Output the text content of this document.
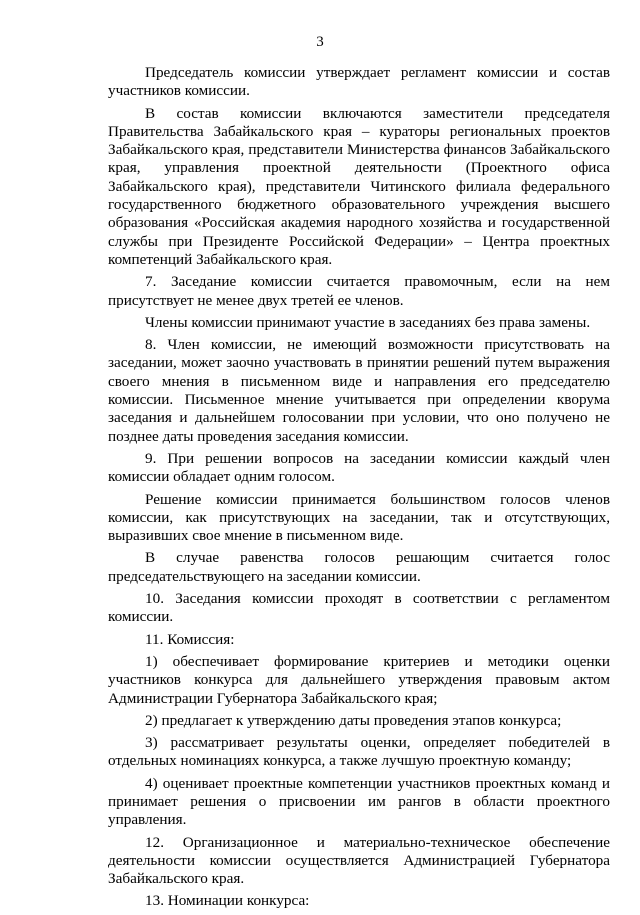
3

Председатель комиссии утверждает регламент комиссии и состав участников комиссии.

В состав комиссии включаются заместители председателя Правительства Забайкальского края – кураторы региональных проектов Забайкальского края, представители Министерства финансов Забайкальского края, управления проектной деятельности (Проектного офиса Забайкальского края), представители Читинского филиала федерального государственного бюджетного образовательного учреждения высшего образования «Российская академия народного хозяйства и государственной службы при Президенте Российской Федерации» – Центра проектных компетенций Забайкальского края.

7. Заседание комиссии считается правомочным, если на нем присутствует не менее двух третей ее членов.

Члены комиссии принимают участие в заседаниях без права замены.

8. Член комиссии, не имеющий возможности присутствовать на заседании, может заочно участвовать в принятии решений путем выражения своего мнения в письменном виде и направления его председателю комиссии. Письменное мнение учитывается при определении кворума заседания и дальнейшем голосовании при условии, что оно получено не позднее даты проведения заседания комиссии.

9. При решении вопросов на заседании комиссии каждый член комиссии обладает одним голосом.

Решение комиссии принимается большинством голосов членов комиссии, как присутствующих на заседании, так и отсутствующих, выразивших свое мнение в письменном виде.

В случае равенства голосов решающим считается голос председательствующего на заседании комиссии.

10. Заседания комиссии проходят в соответствии с регламентом комиссии.

11. Комиссия:

1) обеспечивает формирование критериев и методики оценки участников конкурса для дальнейшего утверждения правовым актом Администрации Губернатора Забайкальского края;

2) предлагает к утверждению даты проведения этапов конкурса;

3) рассматривает результаты оценки, определяет победителей в отдельных номинациях конкурса, а также лучшую проектную команду;

4) оценивает проектные компетенции участников проектных команд и принимает решения о присвоении им рангов в области проектного управления.

12. Организационное и материально-техническое обеспечение деятельности комиссии осуществляется Администрацией Губернатора Забайкальского края.

13. Номинации конкурса:
